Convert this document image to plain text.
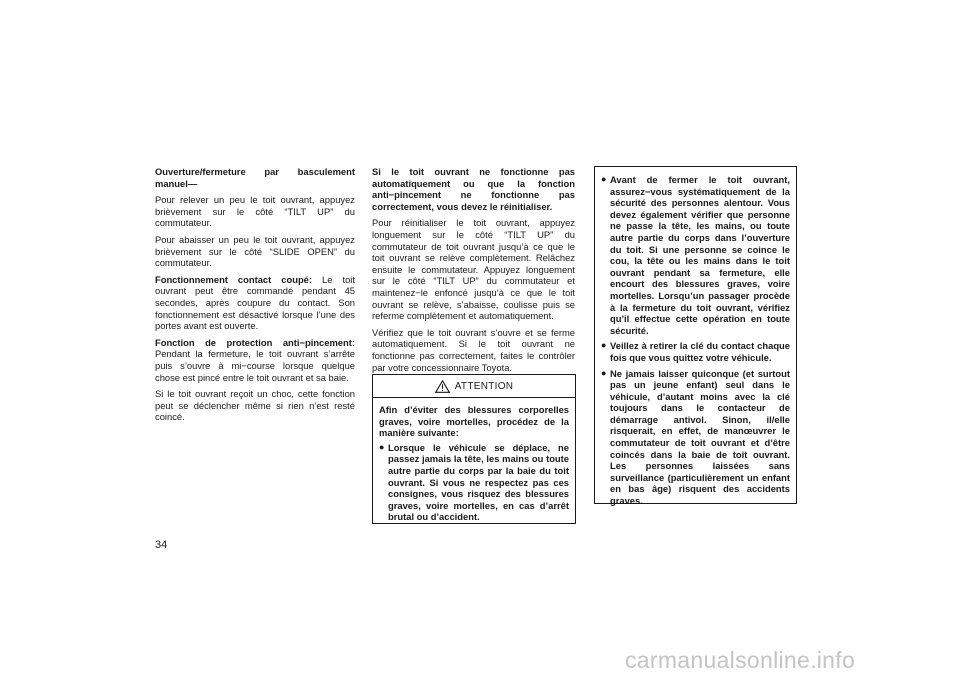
Ouverture/fermeture par basculement manuel—

Pour relever un peu le toit ouvrant, appuyez brièvement sur le côté “TILT UP” du commutateur.

Pour abaisser un peu le toit ouvrant, appuyez brièvement sur le côté “SLIDE OPEN” du commutateur.

Fonctionnement contact coupé: Le toit ouvrant peut être commandé pendant 45 secondes, après coupure du contact. Son fonctionnement est désactivé lorsque l’une des portes avant est ouverte.

Fonction de protection anti−pincement: Pendant la fermeture, le toit ouvrant s’arrête puis s’ouvre à mi−course lorsque quelque chose est pincé entre le toit ouvrant et sa baie.

Si le toit ouvrant reçoit un choc, cette fonction peut se déclencher même si rien n’est resté coincé.

Si le toit ouvrant ne fonctionne pas automatiquement ou que la fonction anti−pincement ne fonctionne pas correctement, vous devez le réinitialiser.

Pour réinitialiser le toit ouvrant, appuyez longuement sur le côté “TILT UP” du commutateur de toit ouvrant jusqu’à ce que le toit ouvrant se relève complètement. Relâchez ensuite le commutateur. Appuyez longuement sur le côté “TILT UP” du commutateur et maintenez−le enfoncé jusqu’à ce que le toit ouvrant se relève, s’abaisse, coulisse puis se referme complètement et automatiquement.

Vérifiez que le toit ouvrant s’ouvre et se ferme automatiquement. Si le toit ouvrant ne fonctionne pas correctement, faites le contrôler par votre concessionnaire Toyota.

ATTENTION

Afin d’éviter des blessures corporelles graves, voire mortelles, procédez de la manière suivante:

● Lorsque le véhicule se déplace, ne passez jamais la tête, les mains ou toute autre partie du corps par la baie du toit ouvrant. Si vous ne respectez pas ces consignes, vous risquez des blessures graves, voire mortelles, en cas d’arrêt brutal ou d’accident.
● Avant de fermer le toit ouvrant, assurez−vous systématiquement de la sécurité des personnes alentour. Vous devez également vérifier que personne ne passe la tête, les mains, ou toute autre partie du corps dans l’ouverture du toit. Si une personne se coince le cou, la tête ou les mains dans le toit ouvrant pendant sa fermeture, elle encourt des blessures graves, voire mortelles. Lorsqu’un passager procède à la fermeture du toit ouvrant, vérifiez qu’il effectue cette opération en toute sécurité.
● Veillez à retirer la clé du contact chaque fois que vous quittez votre véhicule.
● Ne jamais laisser quiconque (et surtout pas un jeune enfant) seul dans le véhicule, d’autant moins avec la clé toujours dans le contacteur de démarrage antivol. Sinon, il/elle risquerait, en effet, de manœuvrer le commutateur de toit ouvrant et d’être coincés dans la baie de toit ouvrant. Les personnes laissées sans surveillance (particulièrement un enfant en bas âge) risquent des accidents graves.
34
carmanualsonline.info
